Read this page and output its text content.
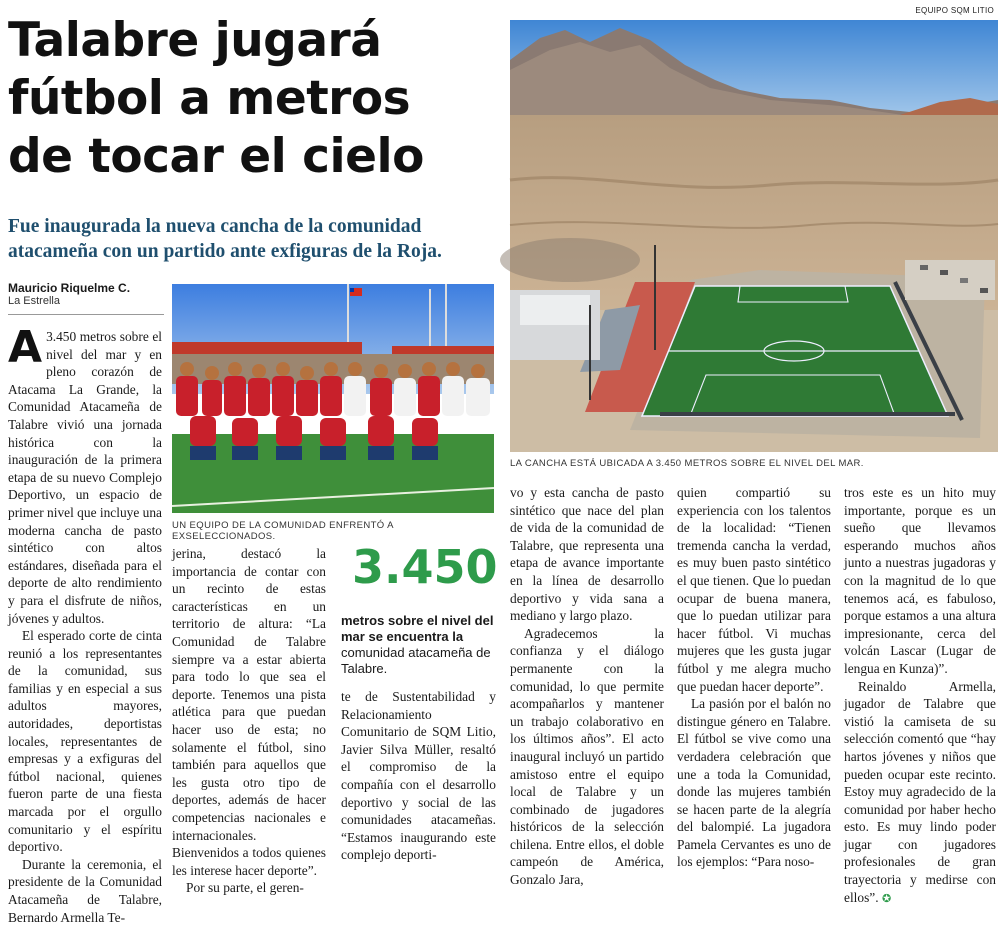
EQUIPO SQM LITIO
Talabre jugará fútbol a metros de tocar el cielo

Fue inaugurada la nueva cancha de la comunidad atacameña con un partido ante exfiguras de la Roja.

Mauricio Riquelme C.
La Estrella
LA CANCHA ESTÁ UBICADA A 3.450 METROS SOBRE EL NIVEL DEL MAR.
UN EQUIPO DE LA COMUNIDAD ENFRENTÓ A EXSELECCIONADOS.

A 3.450 metros sobre el nivel del mar y en pleno corazón de Atacama La Grande, la Comunidad Atacameña de Talabre vivió una jornada histórica con la inauguración de la primera etapa de su nuevo Complejo Deportivo, un espacio de primer nivel que incluye una moderna cancha de pasto sintético con altos estándares, diseñada para el deporte de alto rendimiento y para el disfrute de niños, jóvenes y adultos.

El esperado corte de cinta reunió a los representantes de la comunidad, sus familias y en especial a sus adultos mayores, autoridades, deportistas locales, representantes de empresas y a exfiguras del fútbol nacional, quienes fueron parte de una fiesta marcada por el orgullo comunitario y el espíritu deportivo.

Durante la ceremonia, el presidente de la Comunidad Atacameña de Talabre, Bernardo Armella Te-

jerina, destacó la importancia de contar con un recinto de estas características en un territorio de altura: “La Comunidad de Talabre siempre va a estar abierta para todo lo que sea el deporte. Tenemos una pista atlética para que puedan hacer uso de esta; no solamente el fútbol, sino también para aquellos que les gusta otro tipo de deportes, además de hacer competencias nacionales e internacionales. Bienvenidos a todos quienes les interese hacer deporte”.

Por su parte, el geren-

3.450
metros sobre el nivel del mar se encuentra la
comunidad atacameña de Talabre.

te de Sustentabilidad y Relacionamiento Comunitario de SQM Litio, Javier Silva Müller, resaltó el compromiso de la compañía con el desarrollo deportivo y social de las comunidades atacameñas. “Estamos inaugurando este complejo deporti-

vo y esta cancha de pasto sintético que nace del plan de vida de la comunidad de Talabre, que representa una etapa de avance importante en la línea de desarrollo deportivo y vida sana a mediano y largo plazo.

Agradecemos la confianza y el diálogo permanente con la comunidad, lo que permite acompañarlos y mantener un trabajo colaborativo en los últimos años”. El acto inaugural incluyó un partido amistoso entre el equipo local de Talabre y un combinado de jugadores históricos de la selección chilena. Entre ellos, el doble campeón de América, Gonzalo Jara,

quien compartió su experiencia con los talentos de la localidad: “Tienen tremenda cancha la verdad, es muy buen pasto sintético el que tienen. Que lo puedan ocupar de buena manera, que lo puedan utilizar para hacer fútbol. Vi muchas mujeres que les gusta jugar fútbol y me alegra mucho que puedan hacer deporte”.

La pasión por el balón no distingue género en Talabre. El fútbol se vive como una verdadera celebración que une a toda la Comunidad, donde las mujeres también se hacen parte de la alegría del balompié. La jugadora Pamela Cervantes es uno de los ejemplos: “Para noso-

tros este es un hito muy importante, porque es un sueño que llevamos esperando muchos años junto a nuestras jugadoras y con la magnitud de lo que tenemos acá, es fabuloso, porque estamos a una altura impresionante, cerca del volcán Lascar (Lugar de lengua en Kunza)”.

Reinaldo Armella, jugador de Talabre que vistió la camiseta de su selección comentó que “hay hartos jóvenes y niños que pueden ocupar este recinto. Estoy muy agradecido de la comunidad por haber hecho esto. Es muy lindo poder jugar con jugadores profesionales de gran trayectoria y medirse con ellos”. ✪
